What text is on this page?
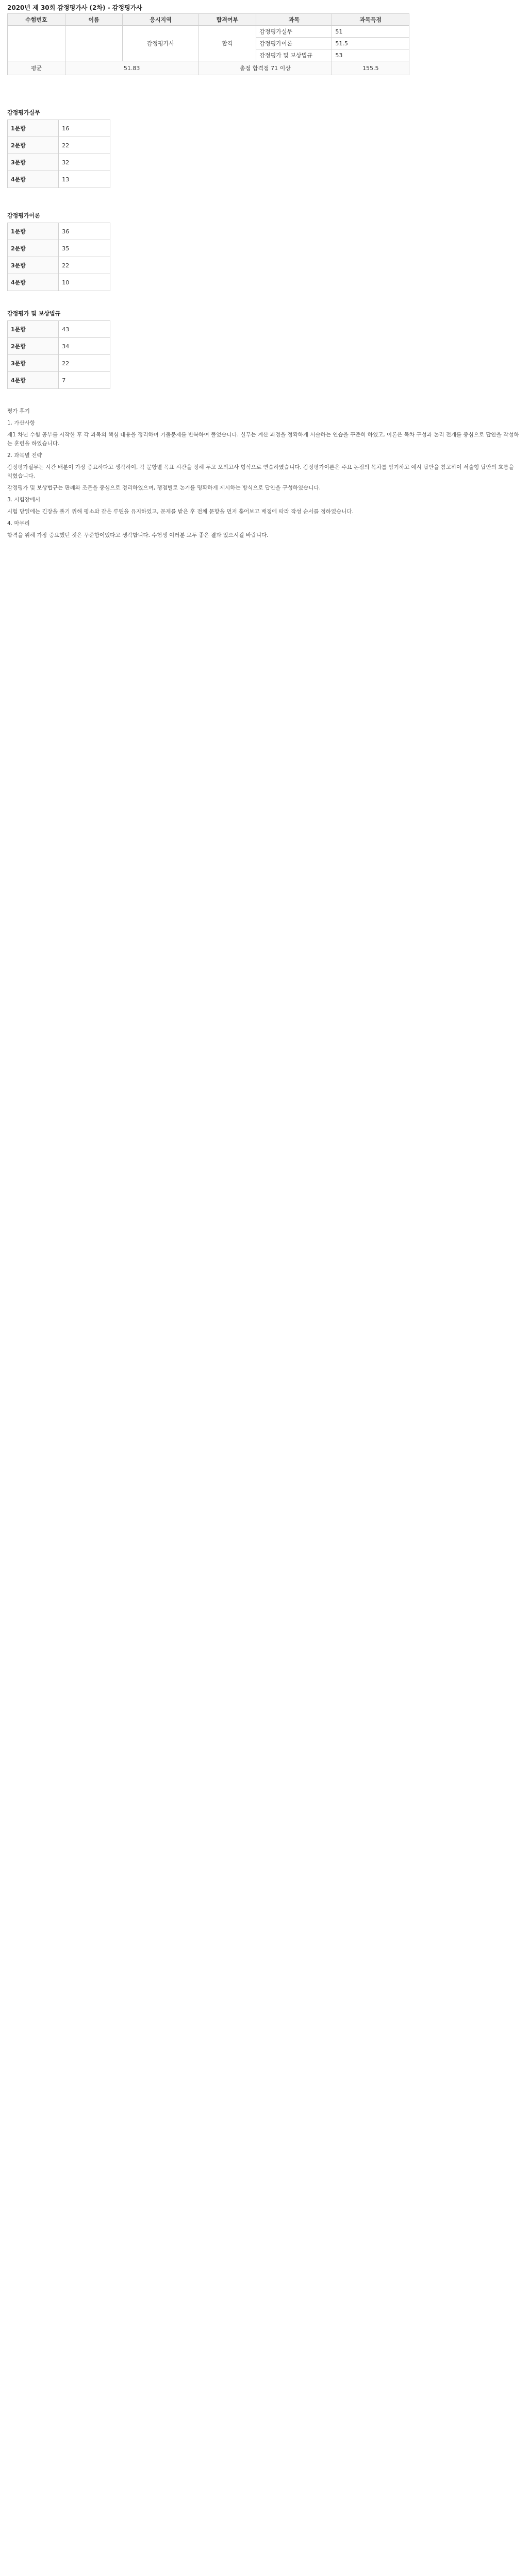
2020년 제 30회 감정평가사 (2차) - 감정평가사
수험번호	이름	응시지역	합격여부	과목	과목득점
		감정평가사	합격	감정평가실무	51
				감정평가이론	51.5
				감정평가 및 보상법규	53
평균	51.83		총점 합격점 71 이상		155.5
감정평가실무
1문항	16
2문항	22
3문항	32
4문항	13
감정평가이론
1문항	36
2문항	35
3문항	22
4문항	10
감정평가 및 보상법규
1문항	43
2문항	34
3문항	22
4문항	7

평가 후기

1. 가산사항

제1 차년 수험 공부를 시작한 후 각 과목의 핵심 내용을 정리하며 기출문제를 반복하여 풀었습니다. 실무는 계산 과정을 정확하게 서술하는 연습을 꾸준히 하였고, 이론은 목차 구성과 논리 전개를 중심으로 답안을 작성하는 훈련을 하였습니다.

2. 과목별 전략

감정평가실무는 시간 배분이 가장 중요하다고 생각하여, 각 문항별 목표 시간을 정해 두고 모의고사 형식으로 연습하였습니다. 감정평가이론은 주요 논점의 목차를 암기하고 예시 답안을 참고하여 서술형 답안의 흐름을 익혔습니다.

감정평가 및 보상법규는 판례와 조문을 중심으로 정리하였으며, 쟁점별로 논거를 명확하게 제시하는 방식으로 답안을 구성하였습니다.

3. 시험장에서

시험 당일에는 긴장을 풀기 위해 평소와 같은 루틴을 유지하였고, 문제를 받은 후 전체 문항을 먼저 훑어보고 배점에 따라 작성 순서를 정하였습니다.

4. 마무리

합격을 위해 가장 중요했던 것은 꾸준함이었다고 생각합니다. 수험생 여러분 모두 좋은 결과 있으시길 바랍니다.
